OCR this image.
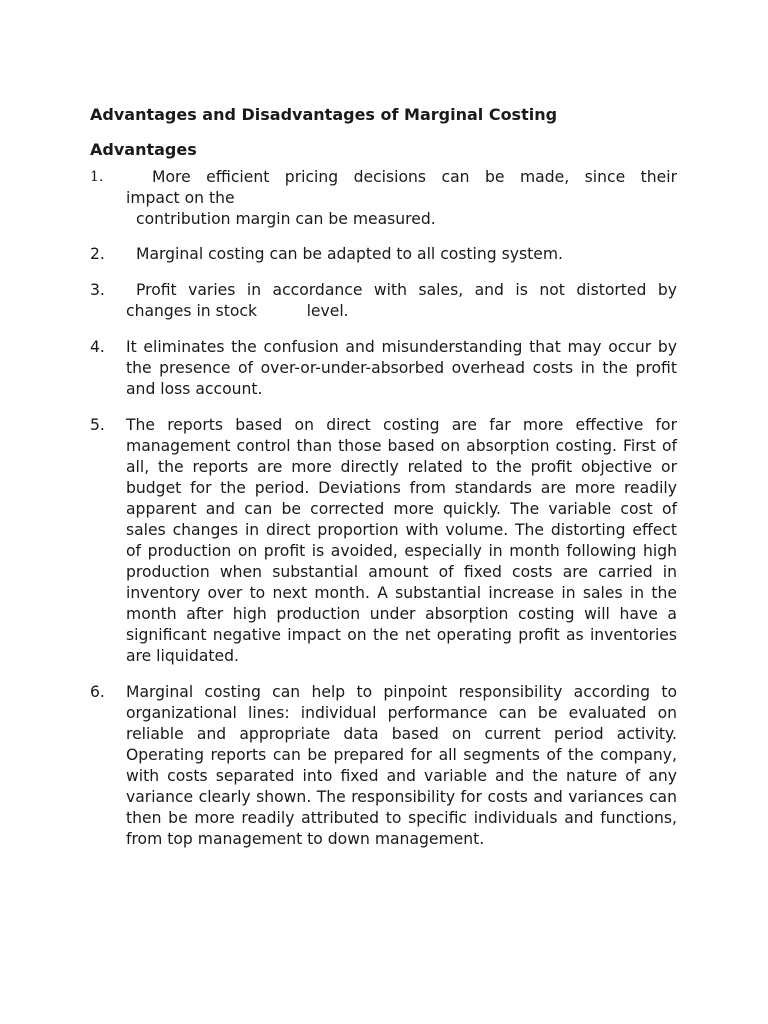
Advantages and Disadvantages of Marginal Costing
Advantages
1.	More efficient pricing decisions can be made, since their
impact on the
contribution margin can be measured.
2.	Marginal costing can be adapted to all costing system.
3.	Profit varies in accordance with sales, and is not distorted by
changes in stock          level.
4.	It eliminates the confusion and misunderstanding that may occur by the presence of over-or-under-absorbed overhead costs in the profit and loss account.
5.	The reports based on direct costing are far more effective for management control than those based on absorption costing. First of all, the reports are more directly related to the profit objective or budget for the period. Deviations from standards are more readily apparent and can be corrected more quickly. The variable cost of sales changes in direct proportion with volume. The distorting effect of production on profit is avoided, especially in month following high production when substantial amount of fixed costs are carried in inventory over to next month. A substantial increase in sales in the month after high production under absorption costing will have a significant negative impact on the net operating profit as inventories are liquidated.
6.	Marginal costing can help to pinpoint responsibility according to organizational lines: individual performance can be evaluated on reliable and appropriate data based on current period activity. Operating reports can be prepared for all segments of the company, with costs separated into fixed and variable and the nature of any variance clearly shown. The responsibility for costs and variances can then be more readily attributed to specific individuals and functions, from top management to down management.
